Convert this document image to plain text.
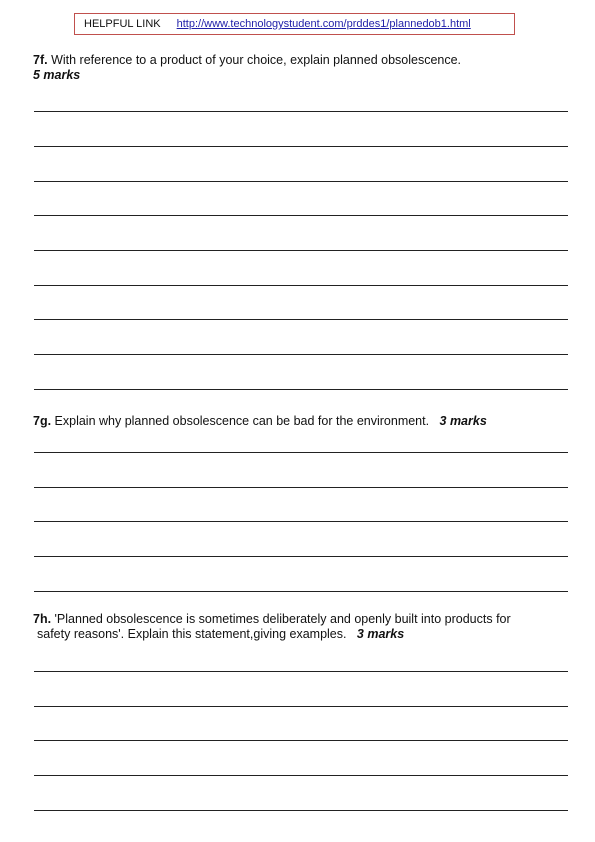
HELPFUL LINK http://www.technologystudent.com/prddes1/plannedob1.html
7f. With reference to a product of your choice, explain planned obsolescence.
5 marks
7g. Explain why planned obsolescence can be bad for the environment. 3 marks
7h. 'Planned obsolescence is sometimes deliberately and openly built into products for
safety reasons'. Explain this statement,giving examples. 3 marks
